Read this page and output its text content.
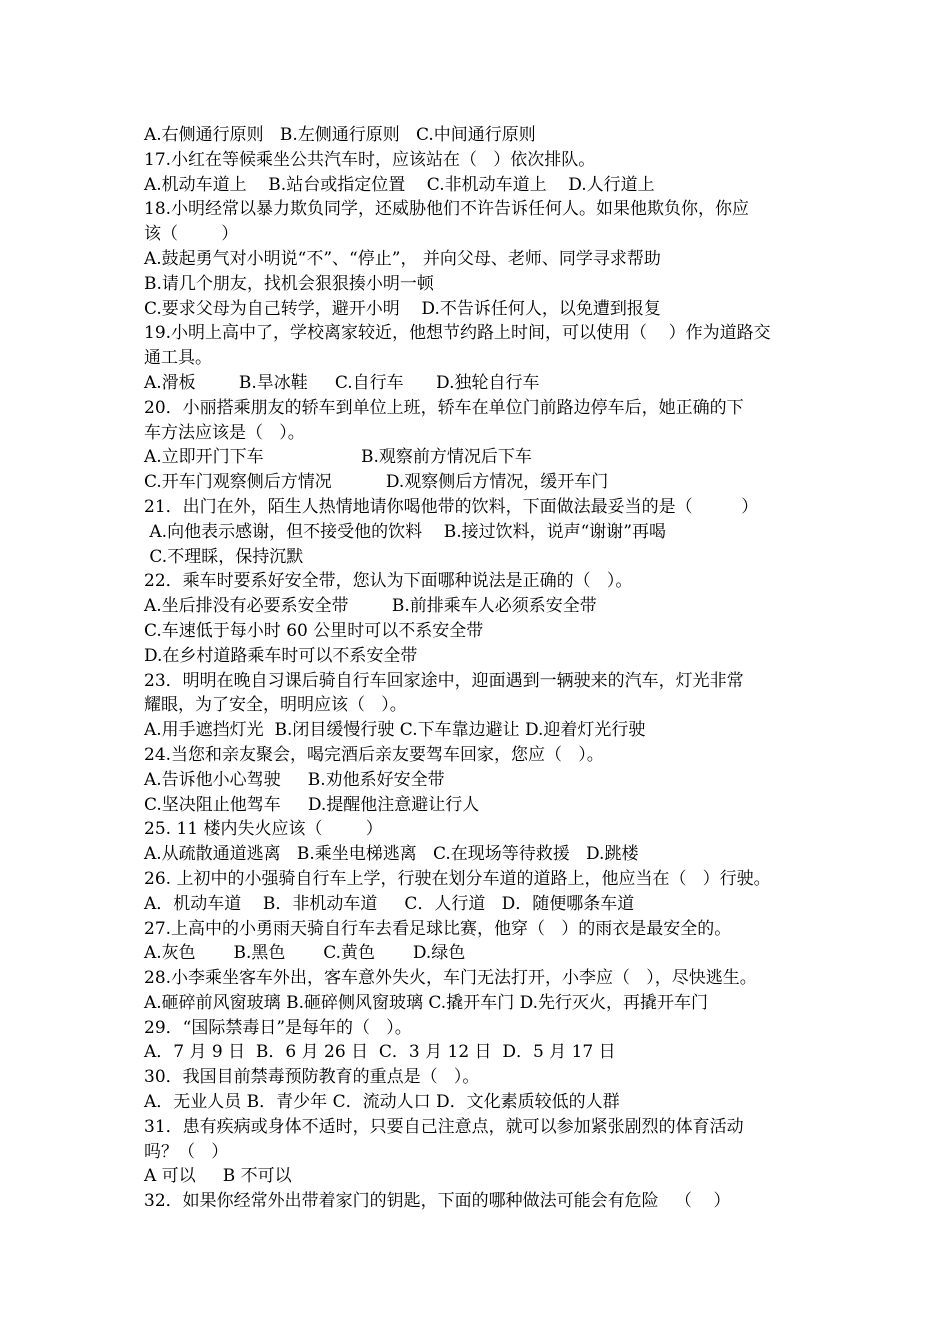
A.右侧通行原则   B.左侧通行原则   C.中间通行原则
17.小红在等候乘坐公共汽车时，应该站在（   ）依次排队。
A.机动车道上    B.站台或指定位置    C.非机动车道上    D.人行道上
18.小明经常以暴力欺负同学，还威胁他们不许告诉任何人。如果他欺负你，你应
该（        ）
A.鼓起勇气对小明说“不”、“停止”， 并向父母、老师、同学寻求帮助
B.请几个朋友，找机会狠狠揍小明一顿
C.要求父母为自己转学，避开小明    D.不告诉任何人，以免遭到报复
19.小明上高中了，学校离家较近，他想节约路上时间，可以使用（    ）作为道路交
通工具。
A.滑板        B.旱冰鞋     C.自行车      D.独轮自行车
20．小丽搭乘朋友的轿车到单位上班，轿车在单位门前路边停车后，她正确的下
车方法应该是（   ）。
A.立即开门下车                  B.观察前方情况后下车
C.开车门观察侧后方情况          D.观察侧后方情况，缓开车门
21．出门在外，陌生人热情地请你喝他带的饮料，下面做法最妥当的是（         ）
A.向他表示感谢，但不接受他的饮料    B.接过饮料，说声“谢谢”再喝
C.不理睬，保持沉默
22．乘车时要系好安全带，您认为下面哪种说法是正确的（   ）。
A.坐后排没有必要系安全带        B.前排乘车人必须系安全带
C.车速低于每小时 60 公里时可以不系安全带
D.在乡村道路乘车时可以不系安全带
23．明明在晚自习课后骑自行车回家途中，迎面遇到一辆驶来的汽车，灯光非常
耀眼，为了安全，明明应该（   ）。
A.用手遮挡灯光  B.闭目缓慢行驶 C.下车靠边避让 D.迎着灯光行驶
24.当您和亲友聚会，喝完酒后亲友要驾车回家，您应（   ）。
A.告诉他小心驾驶     B.劝他系好安全带
C.坚决阻止他驾车     D.提醒他注意避让行人
25. 11 楼内失火应该（        ）
A.从疏散通道逃离   B.乘坐电梯逃离   C.在现场等待救援   D.跳楼
26. 上初中的小强骑自行车上学，行驶在划分车道的道路上，他应当在（   ）行驶。
A．机动车道    B．非机动车道     C．人行道   D．随便哪条车道
27.上高中的小勇雨天骑自行车去看足球比赛，他穿（   ）的雨衣是最安全的。
A.灰色       B.黑色       C.黄色       D.绿色
28.小李乘坐客车外出，客车意外失火，车门无法打开，小李应（   ），尽快逃生。
A.砸碎前风窗玻璃 B.砸碎侧风窗玻璃 C.撬开车门 D.先行灭火，再撬开车门
29．“国际禁毒日”是每年的（   ）。
A．7 月 9 日  B．6 月 26 日  C．3 月 12 日  D．5 月 17 日
30．我国目前禁毒预防教育的重点是（   ）。
A．无业人员 B．青少年 C．流动人口 D．文化素质较低的人群
31．患有疾病或身体不适时，只要自己注意点，就可以参加紧张剧烈的体育活动
吗？（   ）
A 可以     B 不可以
32．如果你经常外出带着家门的钥匙，下面的哪种做法可能会有危险   （    ）
